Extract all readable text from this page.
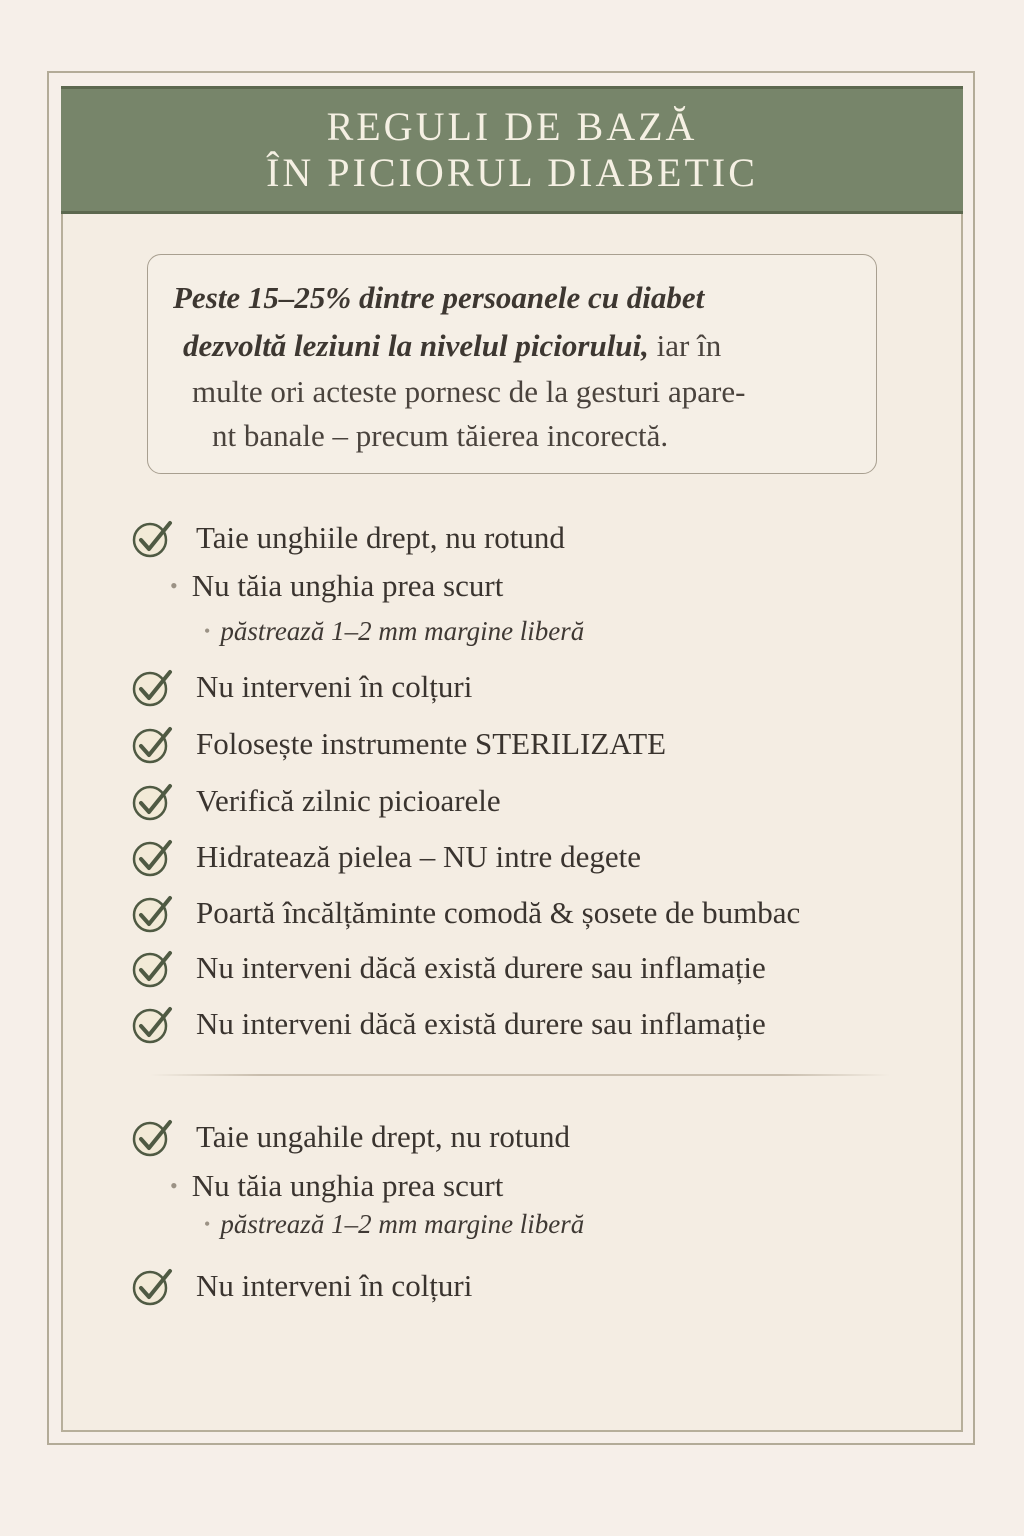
REGULI DE BAZĂ
ÎN PICIORUL DIABETIC
Peste 15–25% dintre persoanele cu diabet
dezvoltă leziuni la nivelul piciorului, iar în
multe ori acteste pornesc de la gesturi apare-
nt banale – precum tăierea incorectă.
Taie unghiile drept, nu rotund
• Nu tăia unghia prea scurt
• păstrează 1–2 mm margine liberă
Nu interveni în colțuri
Folosește instrumente STERILIZATE
Verifică zilnic picioarele
Hidratează pielea – NU intre degete
Poartă încălțăminte comodă & șosete de bumbac
Nu interveni dăcă există durere sau inflamație
Nu interveni dăcă există durere sau inflamație
Taie ungahile drept, nu rotund
• Nu tăia unghia prea scurt
• păstrează 1–2 mm margine liberă
Nu interveni în colțuri
